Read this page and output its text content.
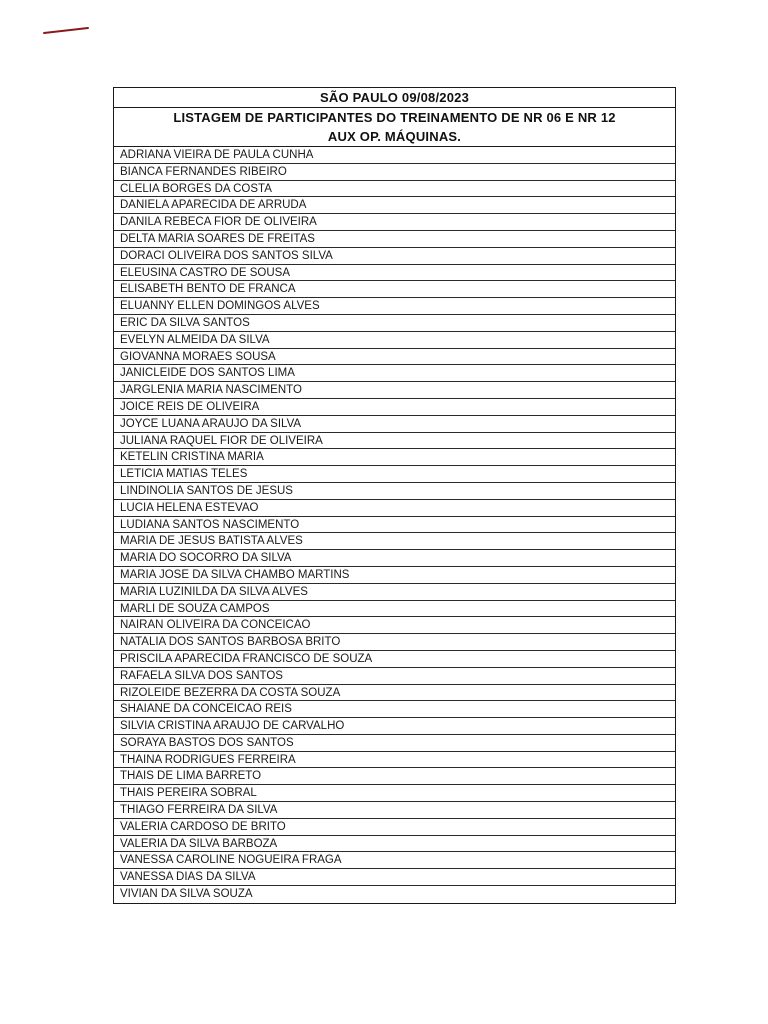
SÃO PAULO 09/08/2023
LISTAGEM DE PARTICIPANTES DO TREINAMENTO DE NR 06 E NR 12
AUX OP. MÁQUINAS.
ADRIANA VIEIRA DE PAULA CUNHA
BIANCA FERNANDES RIBEIRO
CLELIA BORGES DA COSTA
DANIELA APARECIDA DE ARRUDA
DANILA REBECA FIOR DE OLIVEIRA
DELTA MARIA SOARES DE FREITAS
DORACI OLIVEIRA DOS SANTOS SILVA
ELEUSINA CASTRO DE SOUSA
ELISABETH BENTO DE FRANCA
ELUANNY ELLEN DOMINGOS ALVES
ERIC DA SILVA SANTOS
EVELYN ALMEIDA DA SILVA
GIOVANNA MORAES SOUSA
JANICLEIDE DOS SANTOS LIMA
JARGLENIA MARIA NASCIMENTO
JOICE REIS DE OLIVEIRA
JOYCE LUANA ARAUJO DA SILVA
JULIANA RAQUEL FIOR DE OLIVEIRA
KETELIN CRISTINA MARIA
LETICIA MATIAS TELES
LINDINOLIA SANTOS DE JESUS
LUCIA HELENA ESTEVAO
LUDIANA SANTOS NASCIMENTO
MARIA DE JESUS BATISTA ALVES
MARIA DO SOCORRO DA SILVA
MARIA JOSE DA SILVA CHAMBO MARTINS
MARIA LUZINILDA DA SILVA ALVES
MARLI DE SOUZA CAMPOS
NAIRAN OLIVEIRA DA CONCEICAO
NATALIA DOS SANTOS BARBOSA BRITO
PRISCILA APARECIDA FRANCISCO DE SOUZA
RAFAELA SILVA DOS SANTOS
RIZOLEIDE BEZERRA DA COSTA SOUZA
SHAIANE DA CONCEICAO REIS
SILVIA CRISTINA ARAUJO DE CARVALHO
SORAYA BASTOS DOS SANTOS
THAINA RODRIGUES FERREIRA
THAIS DE LIMA BARRETO
THAIS PEREIRA SOBRAL
THIAGO FERREIRA DA SILVA
VALERIA CARDOSO DE BRITO
VALERIA DA SILVA BARBOZA
VANESSA CAROLINE NOGUEIRA FRAGA
VANESSA DIAS DA SILVA
VIVIAN DA SILVA SOUZA
